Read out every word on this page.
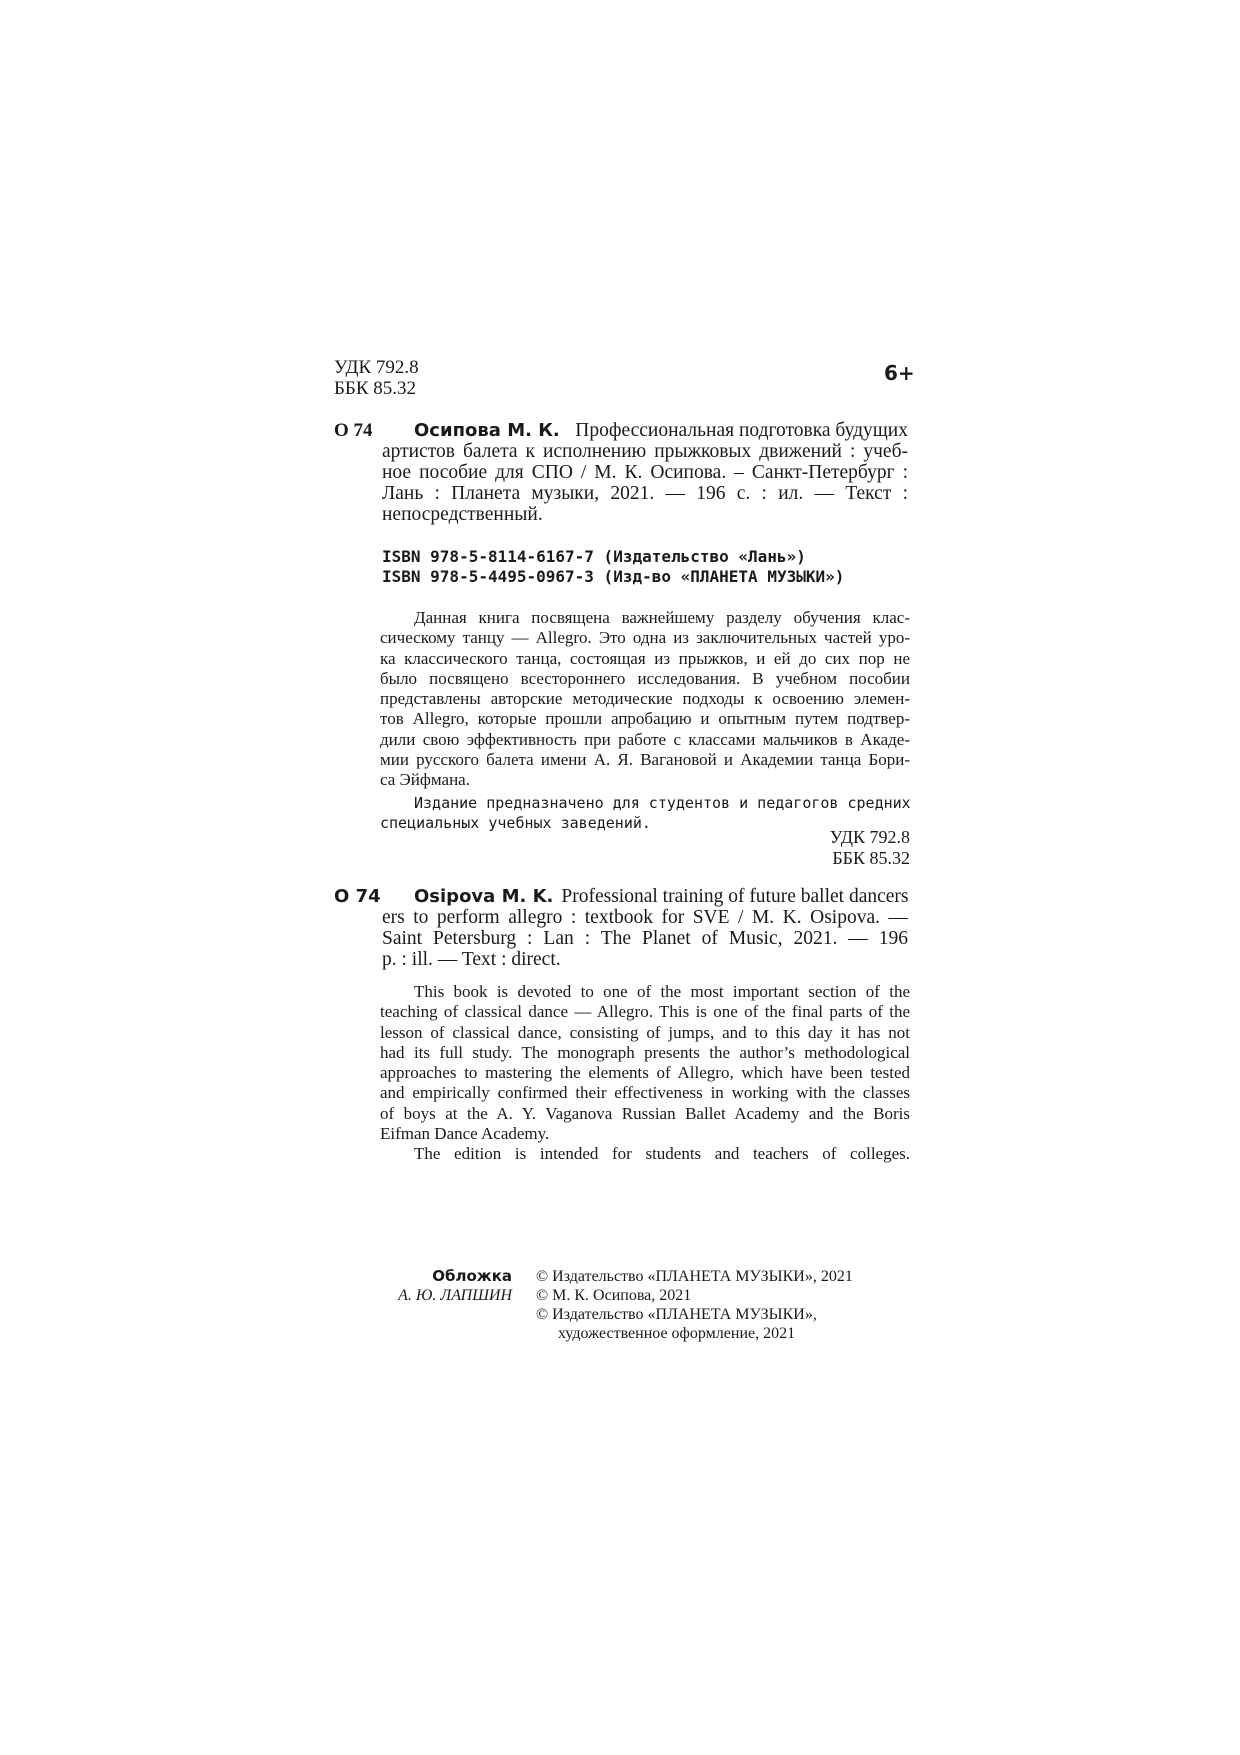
УДК 792.8
ББК 85.32
6+
О 74 Осипова М. К. Профессиональная подготовка будущих
артистов балета к исполнению прыжковых движений : учеб-
ное пособие для СПО / М. К. Осипова. – Санкт-Петербург :
Лань : Планета музыки, 2021. — 196 с. : ил. — Текст :
непосредственный.
ISBN 978-5-8114-6167-7 (Издательство «Лань»)
ISBN 978-5-4495-0967-3 (Изд-во «ПЛАНЕТА МУЗЫКИ»)
Данная книга посвящена важнейшему разделу обучения клас-
сическому танцу — Allegro. Это одна из заключительных частей уро-
ка классического танца, состоящая из прыжков, и ей до сих пор не
было посвящено всестороннего исследования. В учебном пособии
представлены авторские методические подходы к освоению элемен-
тов Allegro, которые прошли апробацию и опытным путем подтвер-
дили свою эффективность при работе с классами мальчиков в Акаде-
мии русского балета имени А. Я. Вагановой и Академии танца Бори-
са Эйфмана.
Издание предназначено для студентов и педагогов средних
специальных учебных заведений.
УДК 792.8
ББК 85.32
O 74 Osipova M. K. Professional training of future ballet dancers
ers to perform allegro : textbook for SVE / M. K. Osipova. —
Saint Petersburg : Lan : The Planet of Music, 2021. — 196
p. : ill. — Text : direct.
This book is devoted to one of the most important section of the
teaching of classical dance — Allegro. This is one of the final parts of the
lesson of classical dance, consisting of jumps, and to this day it has not
had its full study. The monograph presents the author’s methodological
approaches to mastering the elements of Allegro, which have been tested
and empirically confirmed their effectiveness in working with the classes
of boys at the A. Y. Vaganova Russian Ballet Academy and the Boris
Eifman Dance Academy.
The edition is intended for students and teachers of colleges.
Обложка
А. Ю. ЛАПШИН
© Издательство «ПЛАНЕТА МУЗЫКИ», 2021
© М. К. Осипова, 2021
© Издательство «ПЛАНЕТА МУЗЫКИ»,
художественное оформление, 2021
